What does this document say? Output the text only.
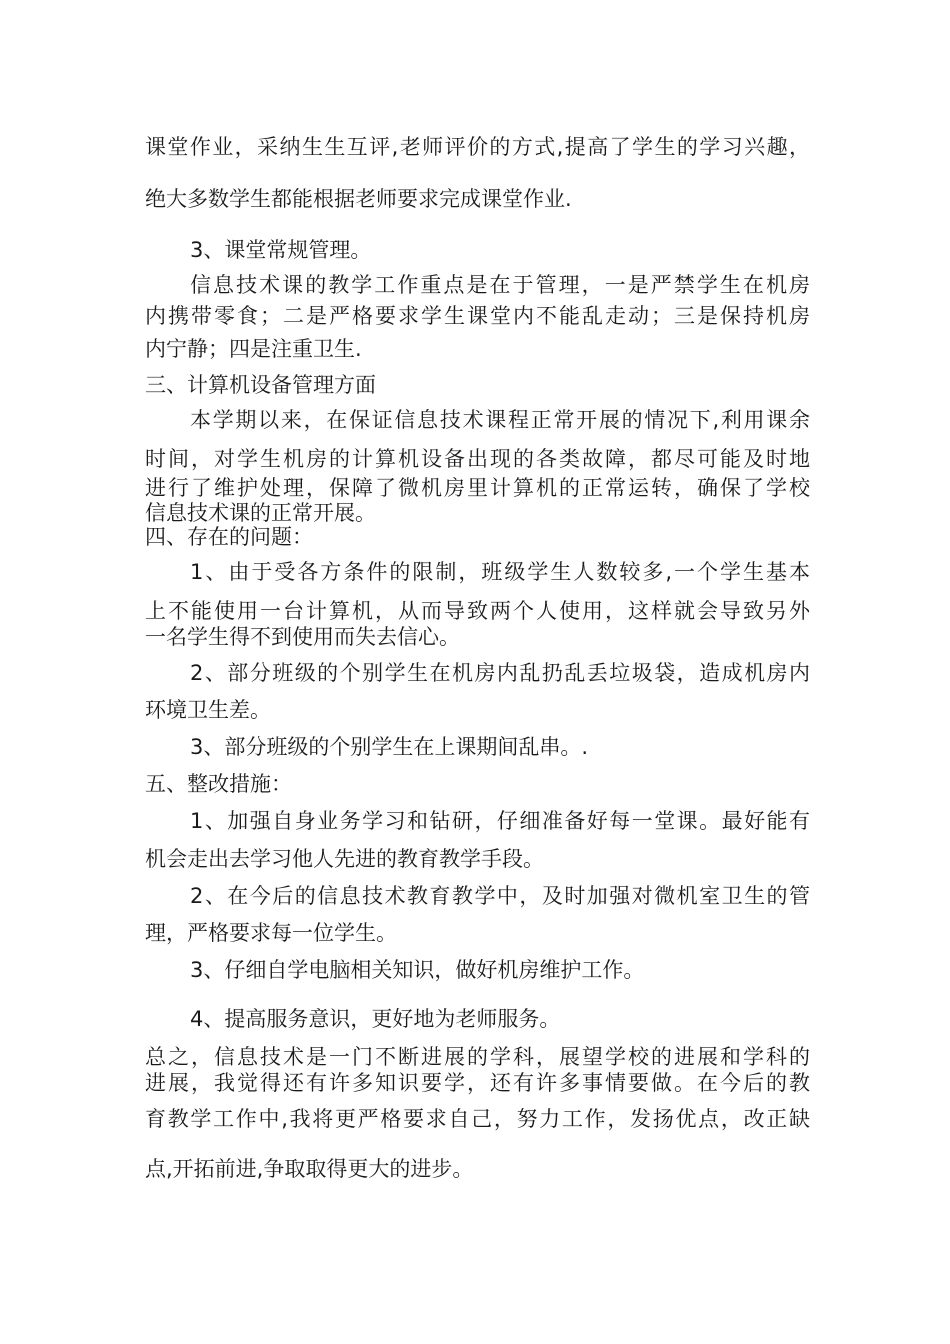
课堂作业，采纳生生互评,老师评价的方式,提高了学生的学习兴趣，

绝大多数学生都能根据老师要求完成课堂作业.

3、课堂常规管理。

信息技术课的教学工作重点是在于管理，一是严禁学生在机房

内携带零食；二是严格要求学生课堂内不能乱走动；三是保持机房

内宁静；四是注重卫生.

三、计算机设备管理方面

本学期以来，在保证信息技术课程正常开展的情况下,利用课余

时间，对学生机房的计算机设备出现的各类故障，都尽可能及时地

进行了维护处理，保障了微机房里计算机的正常运转，确保了学校

信息技术课的正常开展。

四、存在的问题：

1、由于受各方条件的限制，班级学生人数较多,一个学生基本

上不能使用一台计算机，从而导致两个人使用，这样就会导致另外

一名学生得不到使用而失去信心。

2、部分班级的个别学生在机房内乱扔乱丢垃圾袋，造成机房内

环境卫生差。

3、部分班级的个别学生在上课期间乱串。.

五、整改措施：

1、加强自身业务学习和钻研，仔细准备好每一堂课。最好能有

机会走出去学习他人先进的教育教学手段。

2、在今后的信息技术教育教学中，及时加强对微机室卫生的管

理，严格要求每一位学生。

3、仔细自学电脑相关知识，做好机房维护工作。

4、提高服务意识，更好地为老师服务。

总之，信息技术是一门不断进展的学科，展望学校的进展和学科的

进展，我觉得还有许多知识要学，还有许多事情要做。在今后的教

育教学工作中,我将更严格要求自己，努力工作，发扬优点，改正缺

点,开拓前进,争取取得更大的进步。
